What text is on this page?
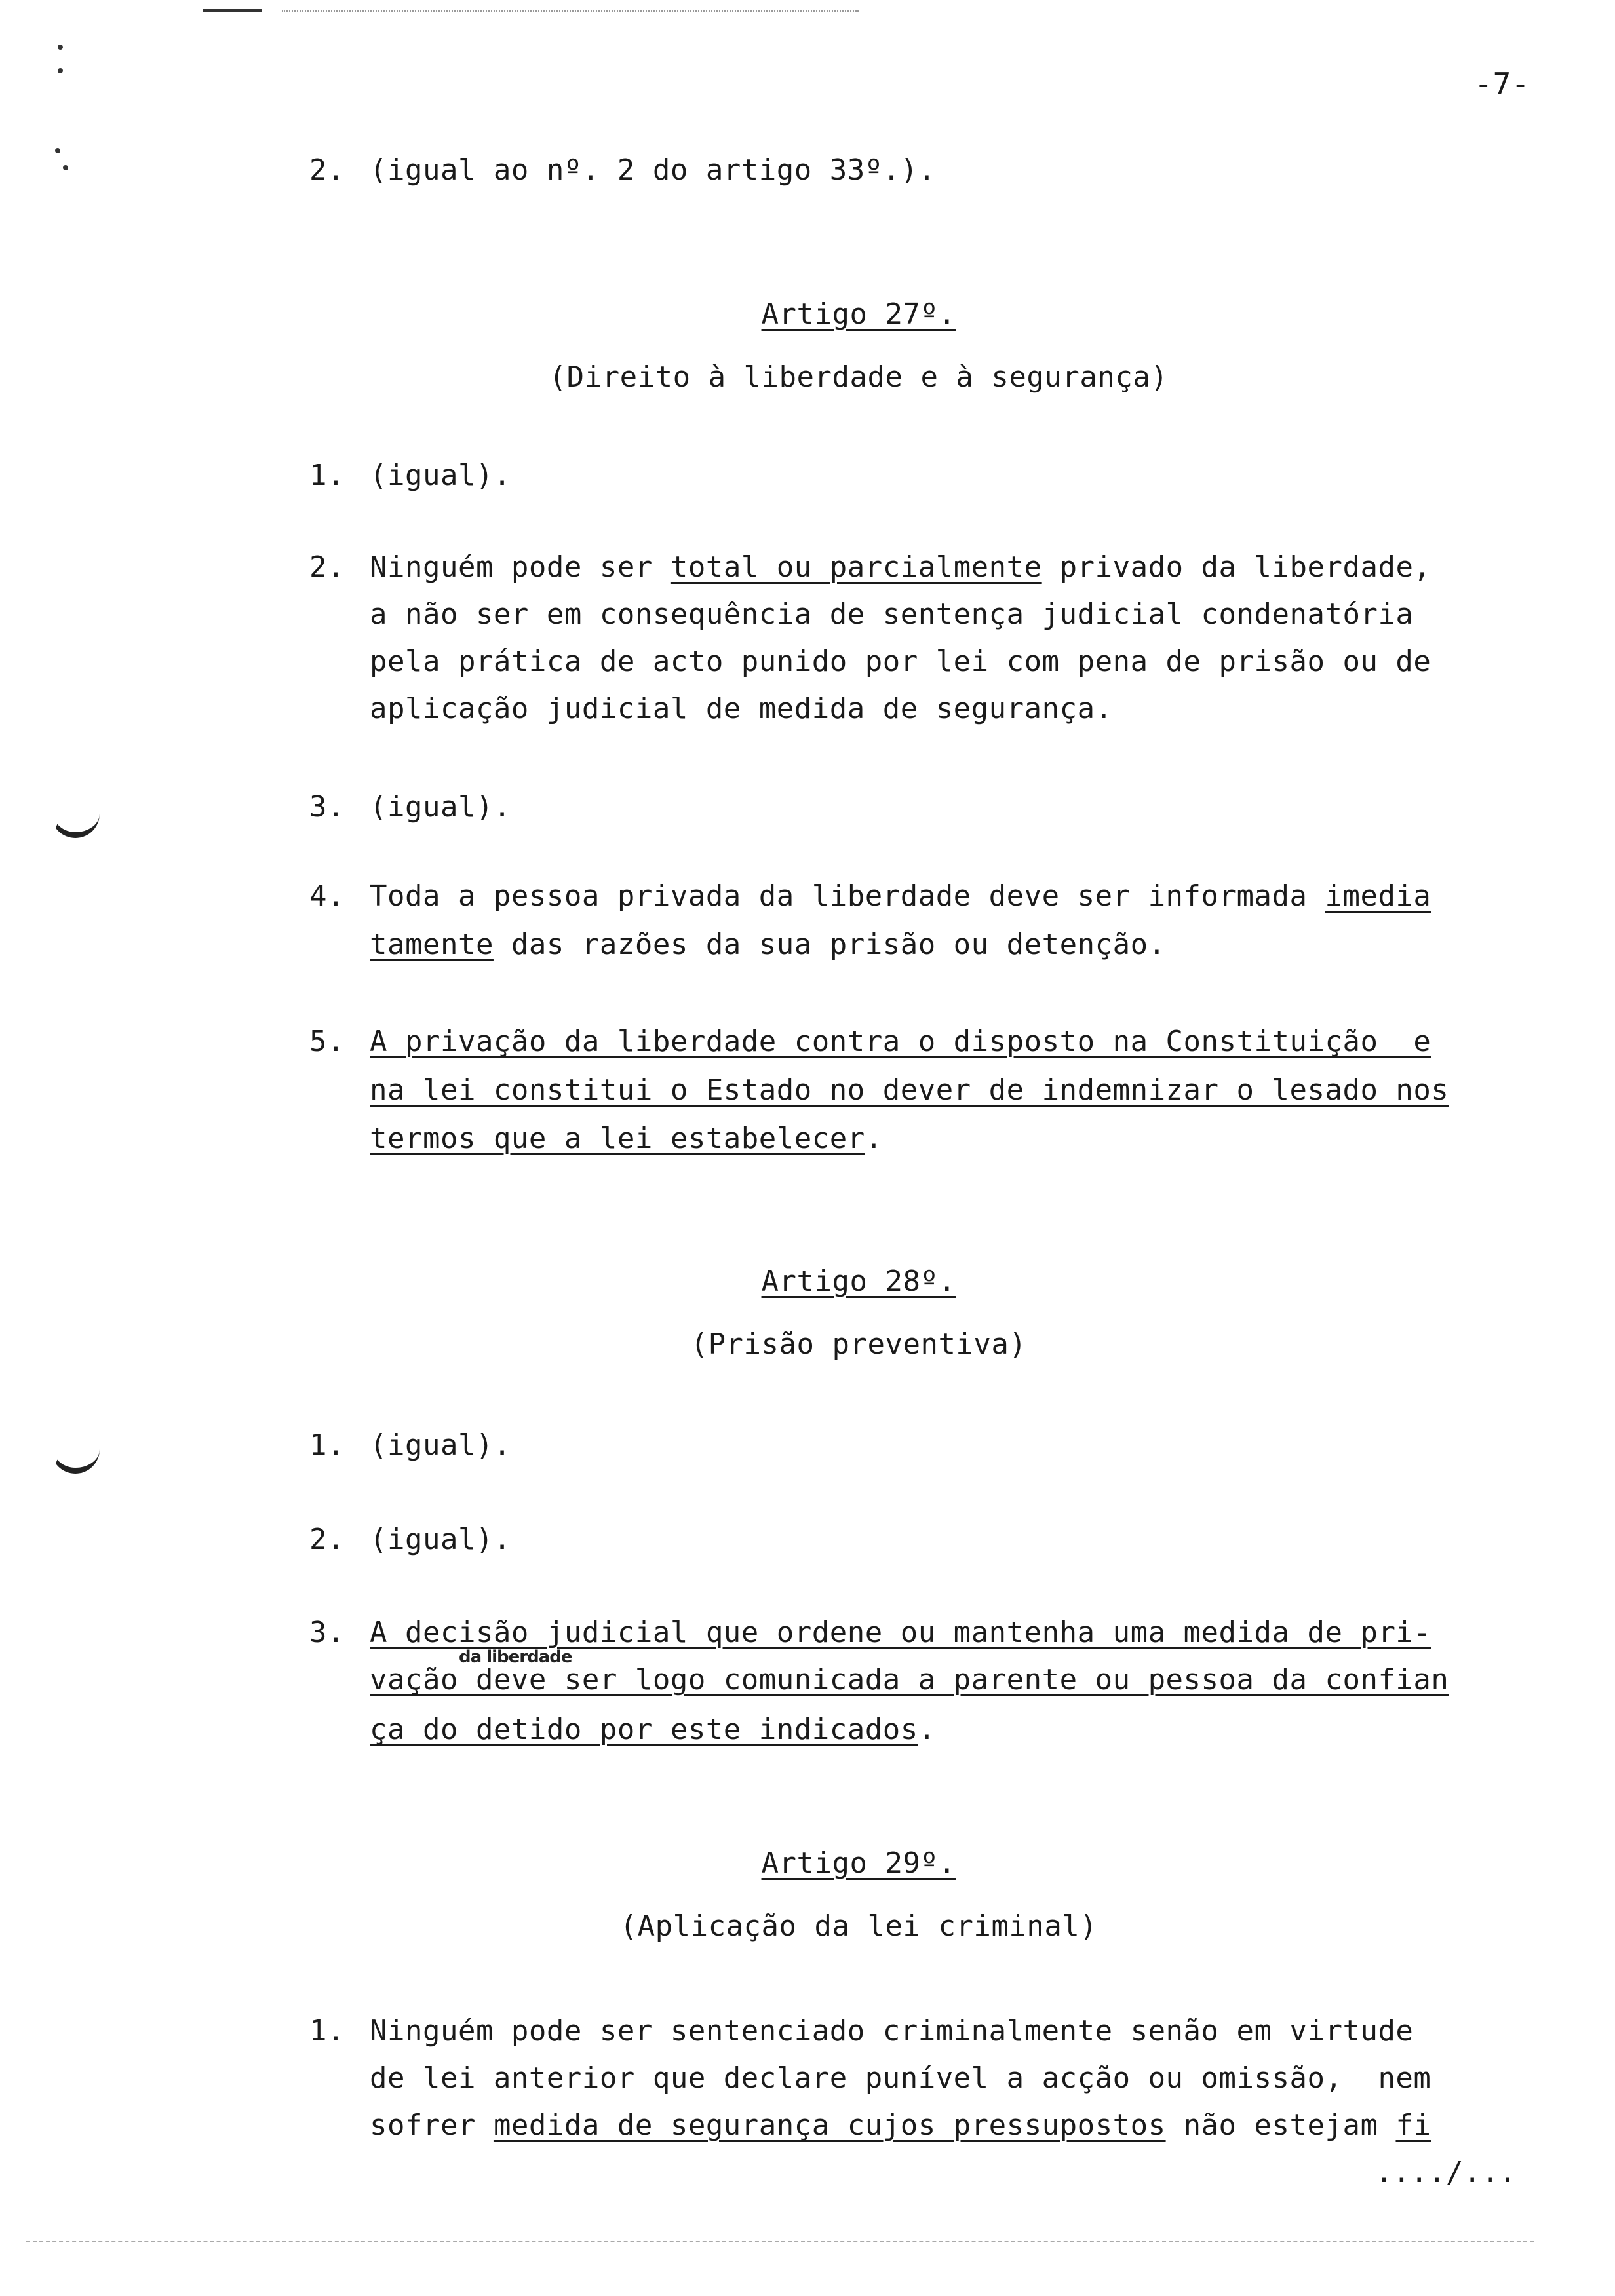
-7-
2. (igual ao nº. 2 do artigo 33º.).
Artigo 27º.
(Direito à liberdade e à segurança)
1. (igual).
2. Ninguém pode ser total ou parcialmente privado da liberdade,
a não ser em consequência de sentença judicial condenatória
pela prática de acto punido por lei com pena de prisão ou de
aplicação judicial de medida de segurança.
3. (igual).
4. Toda a pessoa privada da liberdade deve ser informada imedia
tamente das razões da sua prisão ou detenção.
5. A privação da liberdade contra o disposto na Constituição  e
na lei constitui o Estado no dever de indemnizar o lesado nos
termos que a lei estabelecer.
Artigo 28º.
(Prisão preventiva)
1. (igual).
2. (igual).
3. A decisão judicial que ordene ou mantenha uma medida de pri-
da liberdade
vação deve ser logo comunicada a parente ou pessoa da confian
ça do detido por este indicados.
Artigo 29º.
(Aplicação da lei criminal)
1. Ninguém pode ser sentenciado criminalmente senão em virtude
de lei anterior que declare punível a acção ou omissão,  nem
sofrer medida de segurança cujos pressupostos não estejam fi
..../...
